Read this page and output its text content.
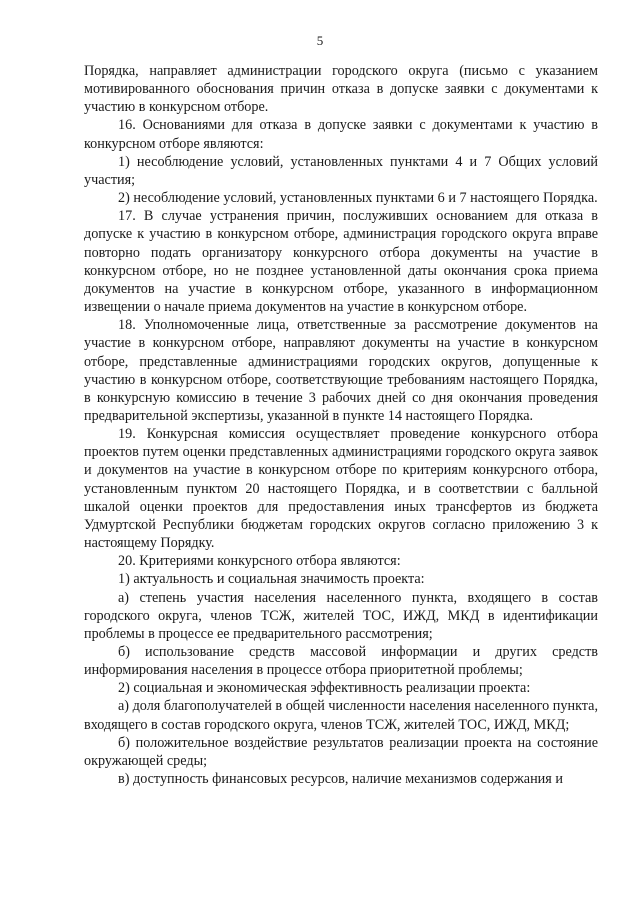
5

Порядка, направляет администрации городского округа (письмо с указанием мотивированного обоснования причин отказа в допуске заявки с документами к участию в конкурсном отборе.

16. Основаниями для отказа в допуске заявки с документами к участию в конкурсном отборе являются:

1) несоблюдение условий, установленных пунктами 4 и 7 Общих условий участия;

2) несоблюдение условий, установленных пунктами 6 и 7 настоящего Порядка.

17. В случае устранения причин, послуживших основанием для отказа в допуске к участию в конкурсном отборе, администрация городского округа вправе повторно подать организатору конкурсного отбора документы на участие в конкурсном отборе, но не позднее установленной даты окончания срока приема документов на участие в конкурсном отборе, указанного в информационном извещении о начале приема документов на участие в конкурсном отборе.

18. Уполномоченные лица, ответственные за рассмотрение документов на участие в конкурсном отборе, направляют документы на участие в конкурсном отборе, представленные администрациями городских округов, допущенные к участию в конкурсном отборе, соответствующие требованиям настоящего Порядка, в конкурсную комиссию в течение 3 рабочих дней со дня окончания проведения предварительной экспертизы, указанной в пункте 14 настоящего Порядка.

19. Конкурсная комиссия осуществляет проведение конкурсного отбора проектов путем оценки представленных администрациями городского округа заявок и документов на участие в конкурсном отборе по критериям конкурсного отбора, установленным пунктом 20 настоящего Порядка, и в соответствии с балльной шкалой оценки проектов для предоставления иных трансфертов из бюджета Удмуртской Республики бюджетам городских округов согласно приложению 3 к настоящему Порядку.

20. Критериями конкурсного отбора являются:

1) актуальность и социальная значимость проекта:

а) степень участия населения населенного пункта, входящего в состав городского округа, членов ТСЖ, жителей ТОС, ИЖД, МКД в идентификации проблемы в процессе ее предварительного рассмотрения;

б) использование средств массовой информации и других средств информирования населения в процессе отбора приоритетной проблемы;

2) социальная и экономическая эффективность реализации проекта:

а) доля благополучателей в общей численности населения населенного пункта, входящего в состав городского округа, членов ТСЖ, жителей ТОС, ИЖД, МКД;

б) положительное воздействие результатов реализации проекта на состояние окружающей среды;

в) доступность финансовых ресурсов, наличие механизмов содержания и
